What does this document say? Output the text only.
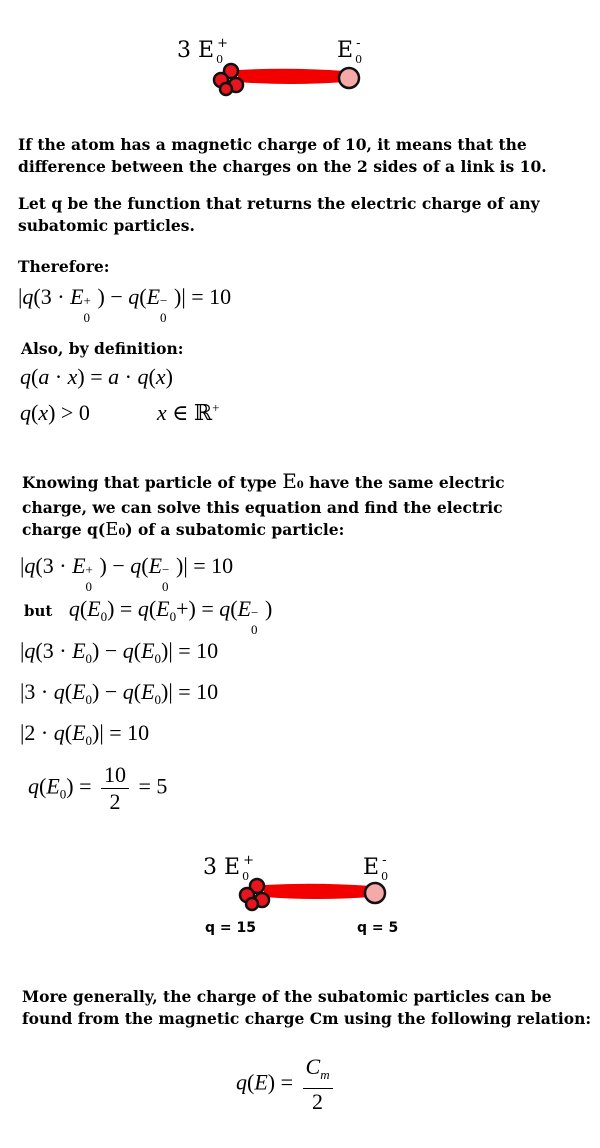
3 E $_0$+	E $_0$-
If the atom has a magnetic charge of 10, it means that the difference between the charges on the 2 sides of a link is 10.
Let q be the function that returns the electric charge of any subatomic particles.
Therefore:
|q(3 · E +
0
) − q(E −
0
)| = 10
Also, by definition:
q(a · x) = a · q(x)
q(x) > 0	x ∈ ℝ+
Knowing that particle of type E0 have the same electric charge, we can solve this equation and find the electric charge q(E0) of a subatomic particle:
|q(3 · E +
0
) − q(E −
0
)| = 10
but $q(E_0) = q(E_0+) = q(E$ −
0
)
$|q(3 \cdot E_0) - q(E_0)| = 10$
$|3 \cdot q(E_0) - q(E_0)| = 10$
$|2 \cdot q(E_0)| = 10$
$q(E_0) = \frac{10}{2} = 5$
3 E $_0$+	E $_0$-
q = 15	q = 5
More generally, the charge of the subatomic particles can be found from the magnetic charge Cm using the following relation:
$q(E) = \frac{C_m}{2}$
